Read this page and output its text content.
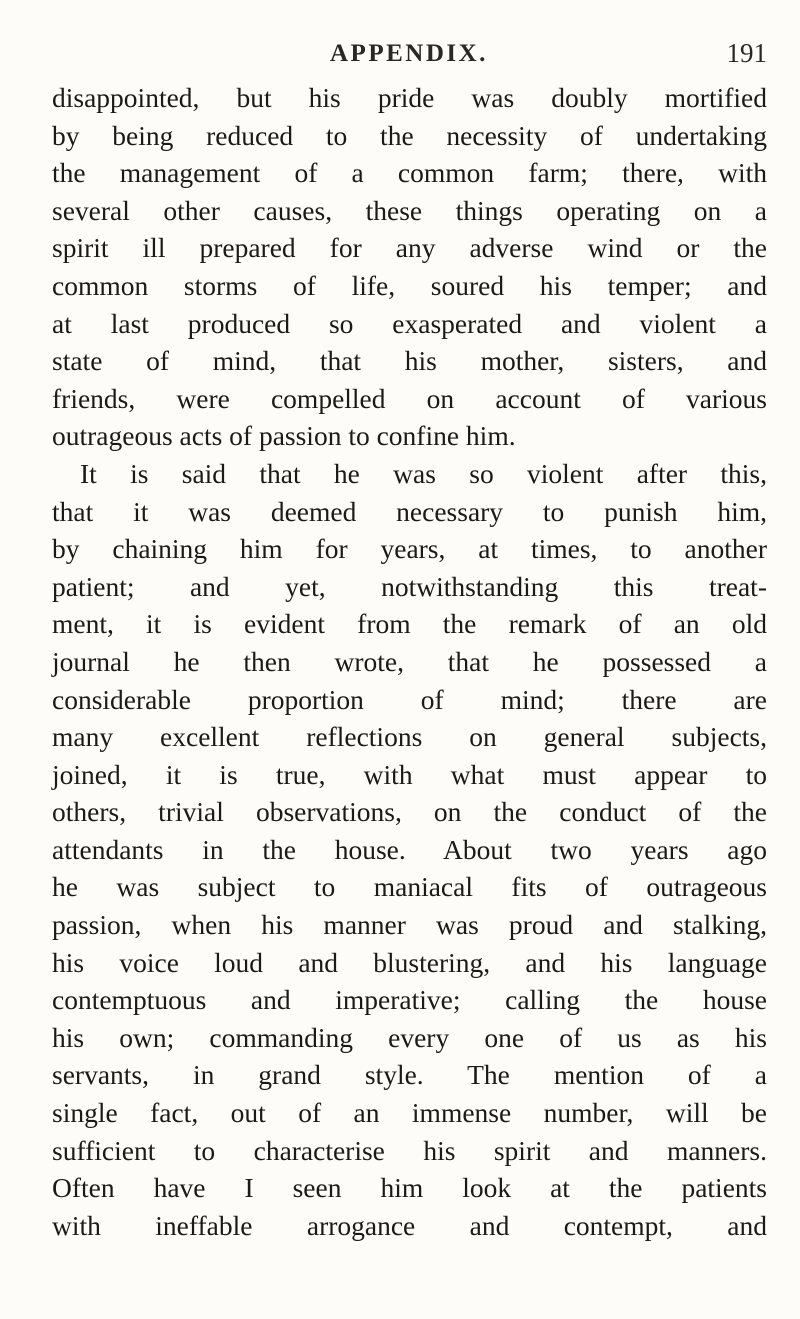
APPENDIX.	191
disappointed, but his pride was doubly mortified
by being reduced to the necessity of undertaking
the management of a common farm; there, with
several other causes, these things operating on a
spirit ill prepared for any adverse wind or the
common storms of life, soured his temper; and
at last produced so exasperated and violent a
state of mind, that his mother, sisters, and
friends, were compelled on account of various
outrageous acts of passion to confine him.
It is said that he was so violent after this,
that it was deemed necessary to punish him,
by chaining him for years, at times, to another
patient; and yet, notwithstanding this treat-
ment, it is evident from the remark of an old
journal he then wrote, that he possessed a
considerable proportion of mind; there are
many excellent reflections on general subjects,
joined, it is true, with what must appear to
others, trivial observations, on the conduct of the
attendants in the house. About two years ago
he was subject to maniacal fits of outrageous
passion, when his manner was proud and stalking,
his voice loud and blustering, and his language
contemptuous and imperative; calling the house
his own; commanding every one of us as his
servants, in grand style. The mention of a
single fact, out of an immense number, will be
sufficient to characterise his spirit and manners.
Often have I seen him look at the patients
with ineffable arrogance and contempt, and
